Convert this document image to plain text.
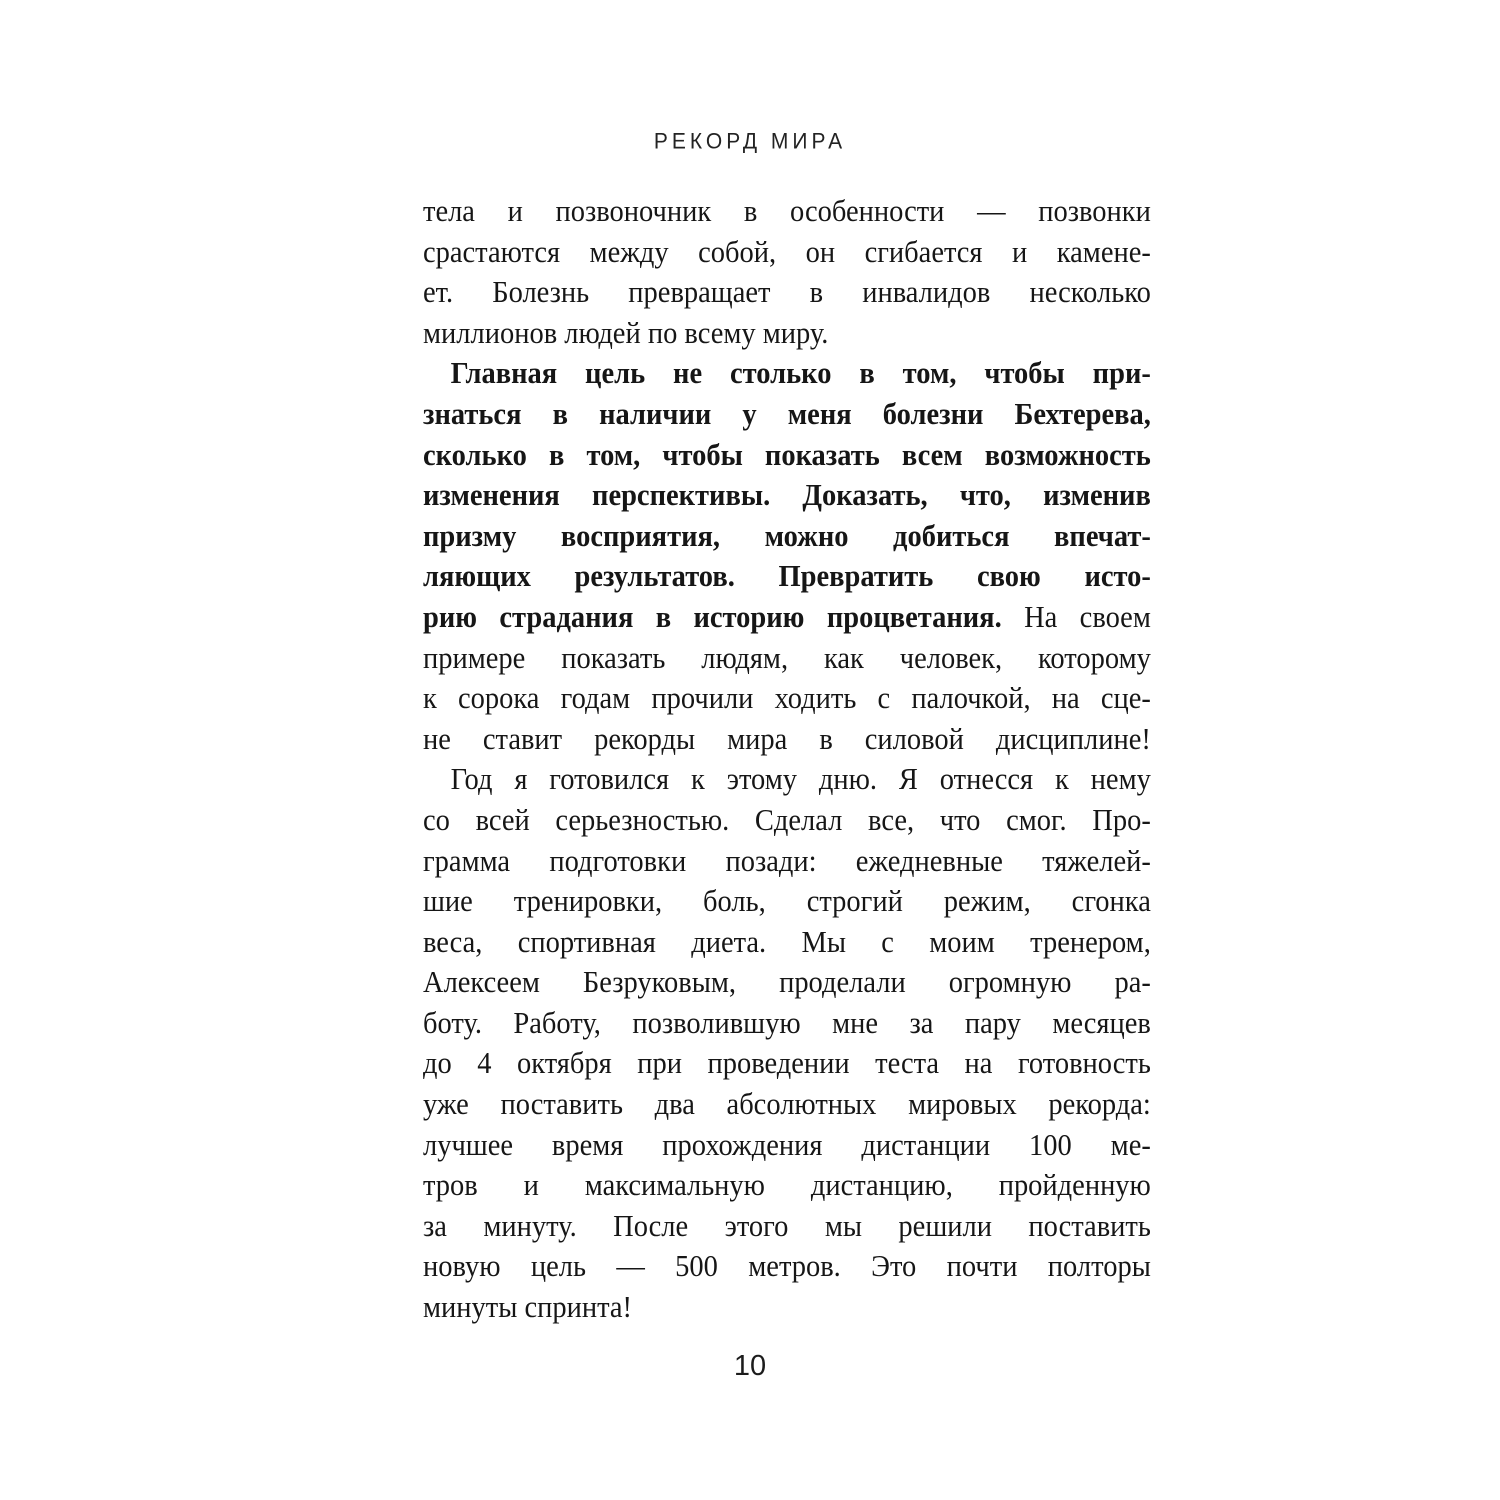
РЕКОРД МИРА
тела и позвоночник в особенности — позвонки
срастаются между собой, он сгибается и камене-
ет. Болезнь превращает в инвалидов несколько
миллионов людей по всему миру.
Главная цель не столько в том, чтобы при-
знаться в наличии у меня болезни Бехтерева,
сколько в том, чтобы показать всем возможность
изменения перспективы. Доказать, что, изменив
призму восприятия, можно добиться впечат-
ляющих результатов. Превратить свою исто-
рию страдания в историю процветания. На своем
примере показать людям, как человек, которому
к сорока годам прочили ходить с палочкой, на сце-
не ставит рекорды мира в силовой дисциплине!
Год я готовился к этому дню. Я отнесся к нему
со всей серьезностью. Сделал все, что смог. Про-
грамма подготовки позади: ежедневные тяжелей-
шие тренировки, боль, строгий режим, сгонка
веса, спортивная диета. Мы с моим тренером,
Алексеем Безруковым, проделали огромную ра-
боту. Работу, позволившую мне за пару месяцев
до 4 октября при проведении теста на готовность
уже поставить два абсолютных мировых рекорда:
лучшее время прохождения дистанции 100 ме-
тров и максимальную дистанцию, пройденную
за минуту. После этого мы решили поставить
новую цель — 500 метров. Это почти полторы
минуты спринта!
10
